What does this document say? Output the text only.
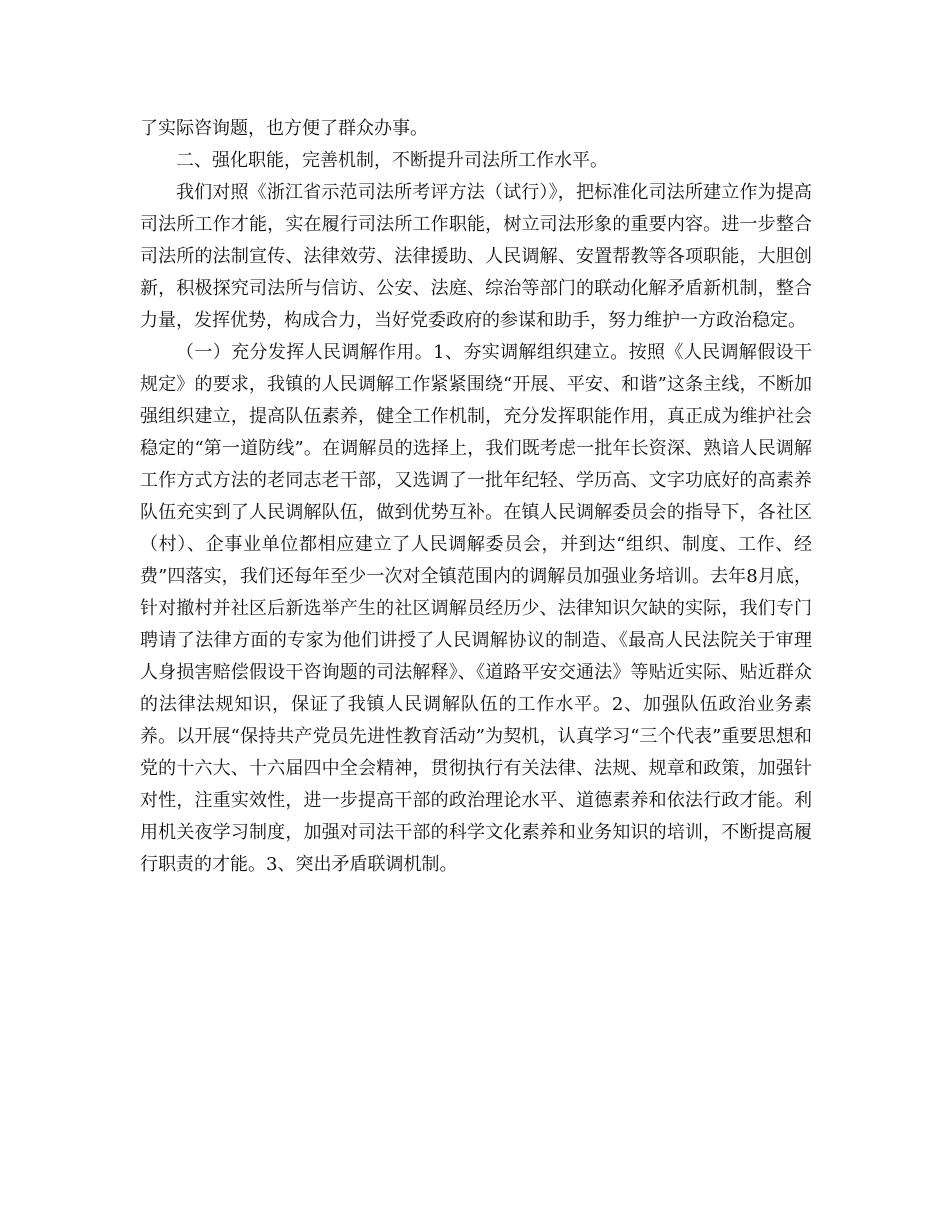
了实际咨询题，也方便了群众办事。

二、强化职能，完善机制，不断提升司法所工作水平。

我们对照《浙江省示范司法所考评方法（试行）》，把标准化司法所建立作为提高司法所工作才能，实在履行司法所工作职能，树立司法形象的重要内容。进一步整合司法所的法制宣传、法律效劳、法律援助、人民调解、安置帮教等各项职能，大胆创新，积极探究司法所与信访、公安、法庭、综治等部门的联动化解矛盾新机制，整合力量，发挥优势，构成合力，当好党委政府的参谋和助手，努力维护一方政治稳定。

（一）充分发挥人民调解作用。1、夯实调解组织建立。按照《人民调解假设干规定》的要求，我镇的人民调解工作紧紧围绕“开展、平安、和谐”这条主线，不断加强组织建立，提高队伍素养，健全工作机制，充分发挥职能作用，真正成为维护社会稳定的“第一道防线”。在调解员的选择上，我们既考虑一批年长资深、熟谙人民调解工作方式方法的老同志老干部，又选调了一批年纪轻、学历高、文字功底好的高素养队伍充实到了人民调解队伍，做到优势互补。在镇人民调解委员会的指导下，各社区（村）、企事业单位都相应建立了人民调解委员会，并到达“组织、制度、工作、经费”四落实，我们还每年至少一次对全镇范围内的调解员加强业务培训。去年8月底，针对撤村并社区后新选举产生的社区调解员经历少、法律知识欠缺的实际，我们专门聘请了法律方面的专家为他们讲授了人民调解协议的制造、《最高人民法院关于审理人身损害赔偿假设干咨询题的司法解释》、《道路平安交通法》等贴近实际、贴近群众的法律法规知识，保证了我镇人民调解队伍的工作水平。2、加强队伍政治业务素养。以开展“保持共产党员先进性教育活动”为契机，认真学习“三个代表”重要思想和党的十六大、十六届四中全会精神，贯彻执行有关法律、法规、规章和政策，加强针对性，注重实效性，进一步提高干部的政治理论水平、道德素养和依法行政才能。利用机关夜学习制度，加强对司法干部的科学文化素养和业务知识的培训，不断提高履行职责的才能。3、突出矛盾联调机制。
